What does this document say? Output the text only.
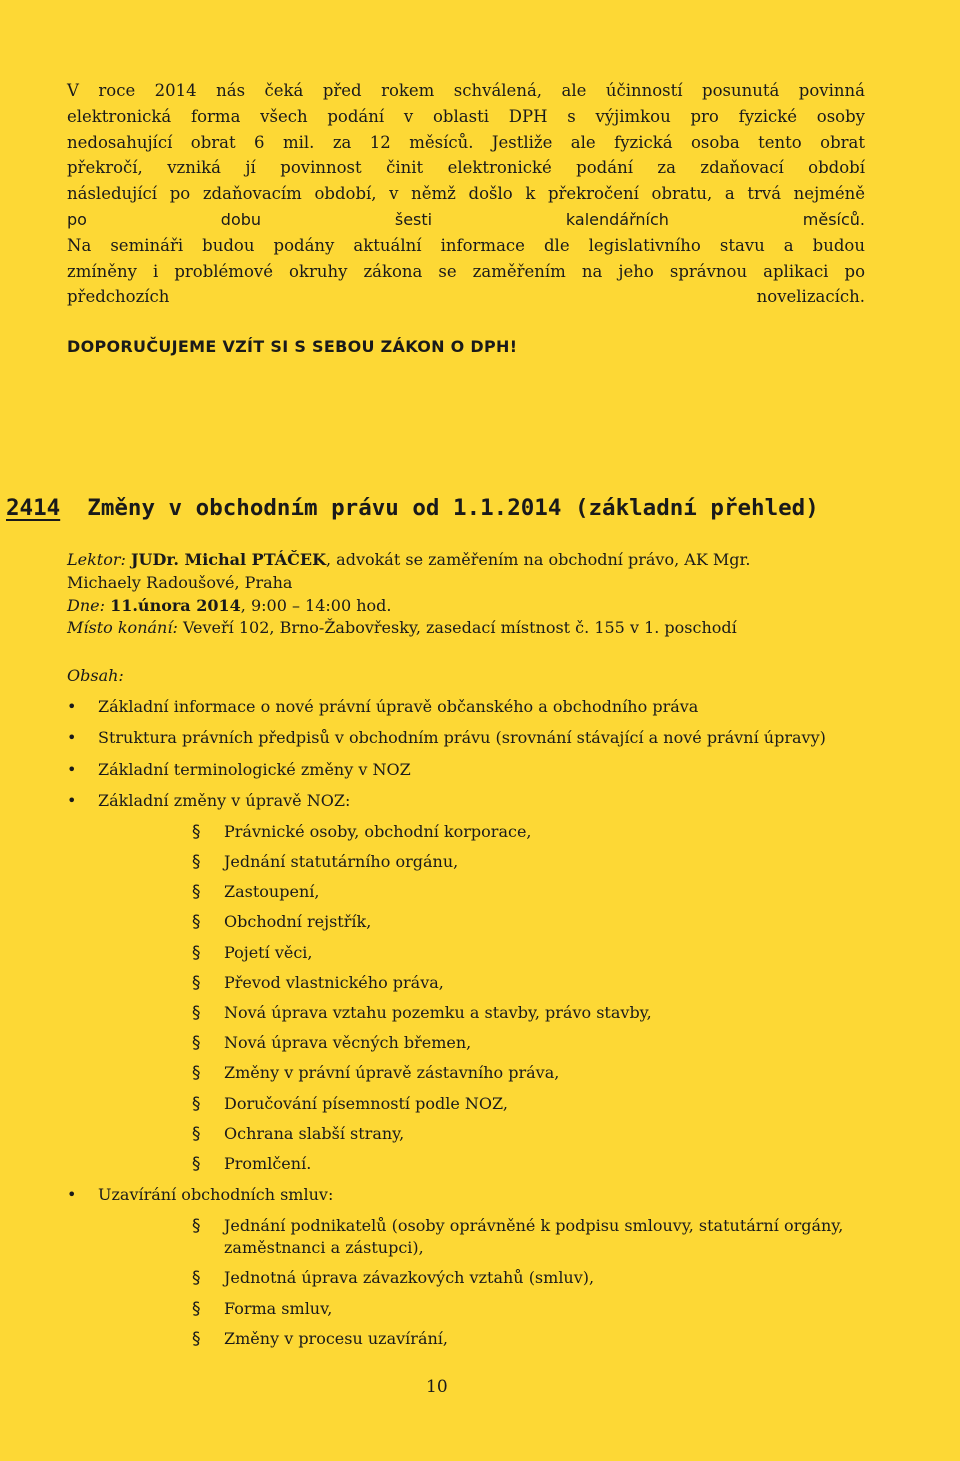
V roce 2014 nás čeká před rokem schválená, ale účinností posunutá povinná
elektronická forma všech podání v oblasti DPH s výjimkou pro fyzické osoby
nedosahující obrat 6 mil. za 12 měsíců. Jestliže ale fyzická osoba tento obrat
překročí, vzniká jí povinnost činit elektronické podání za zdaňovací období
následující po zdaňovacím období, v němž došlo k překročení obratu, a trvá nejméně
po dobu šesti kalendářních měsíců.
Na semináři budou podány aktuální informace dle legislativního stavu a budou
zmíněny i problémové okruhy zákona se zaměřením na jeho správnou aplikaci po
předchozích novelizacích.
DOPORUČUJEME VZÍT SI S SEBOU ZÁKON O DPH!
2414 Změny v obchodním právu od 1.1.2014 (základní přehled)
Lektor: JUDr. Michal PTÁČEK, advokát se zaměřením na obchodní právo, AK Mgr.
Michaely Radoušové, Praha
Dne: 11.února 2014, 9:00 – 14:00 hod.
Místo konání: Veveří 102, Brno-Žabovřesky, zasedací místnost č. 155 v 1. poschodí
Obsah:
• Základní informace o nové právní úpravě občanského a obchodního práva
• Struktura právních předpisů v obchodním právu (srovnání stávající a nové právní úpravy)
• Základní terminologické změny v NOZ
• Základní změny v úpravě NOZ:
§	Právnické osoby, obchodní korporace,
§	Jednání statutárního orgánu,
§	Zastoupení,
§	Obchodní rejstřík,
§	Pojetí věci,
§	Převod vlastnického práva,
§	Nová úprava vztahu pozemku a stavby, právo stavby,
§	Nová úprava věcných břemen,
§	Změny v právní úpravě zástavního práva,
§	Doručování písemností podle NOZ,
§	Ochrana slabší strany,
§	Promlčení.
• Uzavírání obchodních smluv:
§	Jednání podnikatelů (osoby oprávněné k podpisu smlouvy, statutární orgány, zaměstnanci a zástupci),
§	Jednotná úprava závazkových vztahů (smluv),
§	Forma smluv,
§	Změny v procesu uzavírání,
10
